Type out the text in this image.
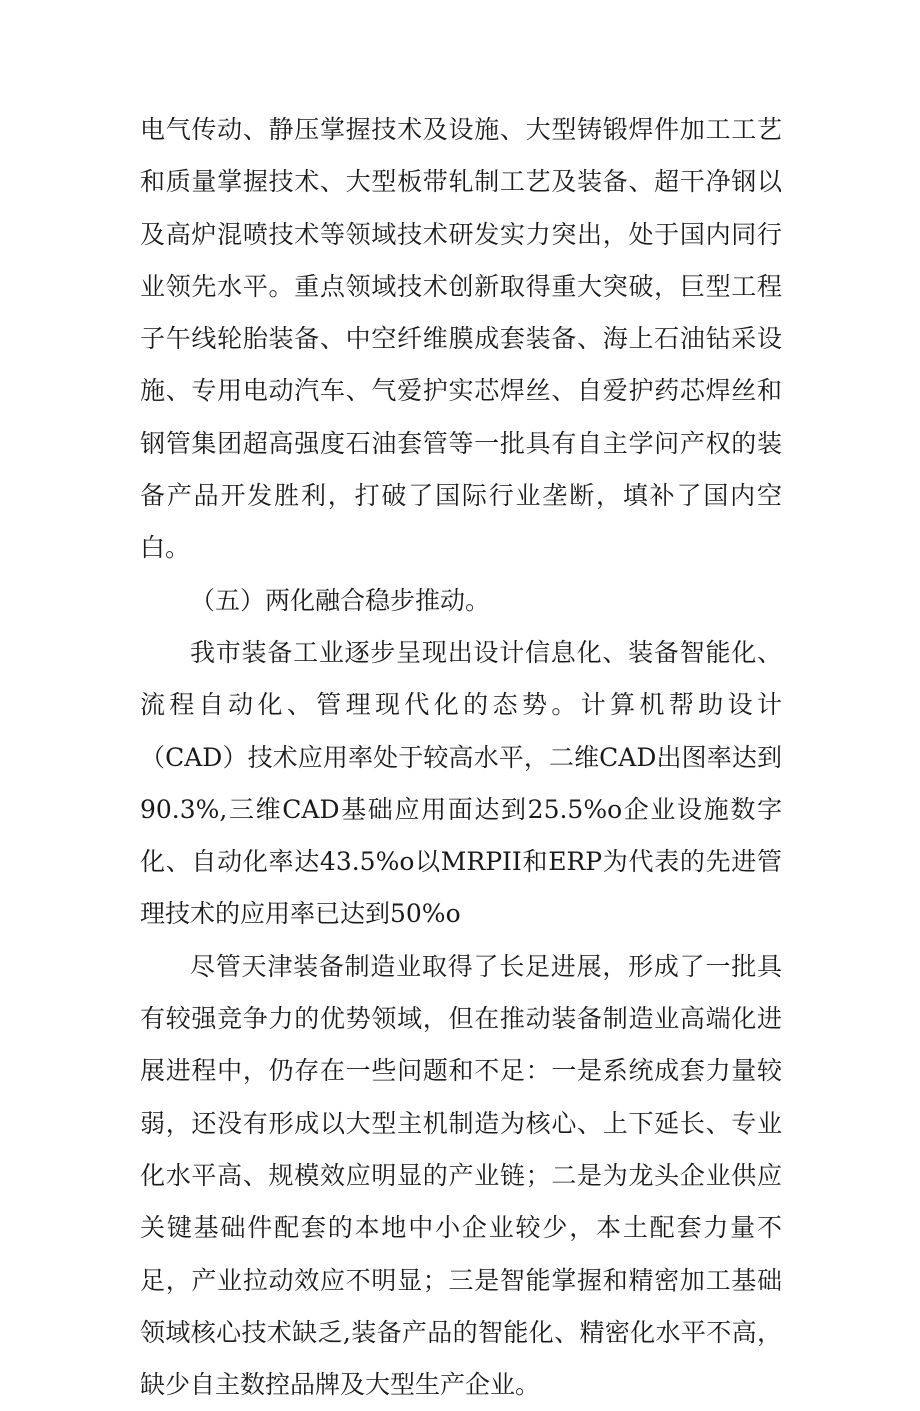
电气传动、静压掌握技术及设施、大型铸锻焊件加工工艺和质量掌握技术、大型板带轧制工艺及装备、超干净钢以及高炉混喷技术等领域技术研发实力突出，处于国内同行业领先水平。重点领域技术创新取得重大突破，巨型工程子午线轮胎装备、中空纤维膜成套装备、海上石油钻采设施、专用电动汽车、气爱护实芯焊丝、自爱护药芯焊丝和钢管集团超高强度石油套管等一批具有自主学问产权的装备产品开发胜利，打破了国际行业垄断，填补了国内空白。

（五）两化融合稳步推动。

我市装备工业逐步呈现出设计信息化、装备智能化、流程自动化、管理现代化的态势。计算机帮助设计（CAD）技术应用率处于较高水平，二维CAD出图率达到90.3%,三维CAD基础应用面达到25.5%o企业设施数字化、自动化率达43.5%o以MRPII和ERP为代表的先进管理技术的应用率已达到50%o

尽管天津装备制造业取得了长足进展，形成了一批具有较强竞争力的优势领域，但在推动装备制造业高端化进展进程中，仍存在一些问题和不足：一是系统成套力量较弱，还没有形成以大型主机制造为核心、上下延长、专业化水平高、规模效应明显的产业链；二是为龙头企业供应关键基础件配套的本地中小企业较少，本土配套力量不足，产业拉动效应不明显；三是智能掌握和精密加工基础领域核心技术缺乏,装备产品的智能化、精密化水平不高，缺少自主数控品牌及大型生产企业。
